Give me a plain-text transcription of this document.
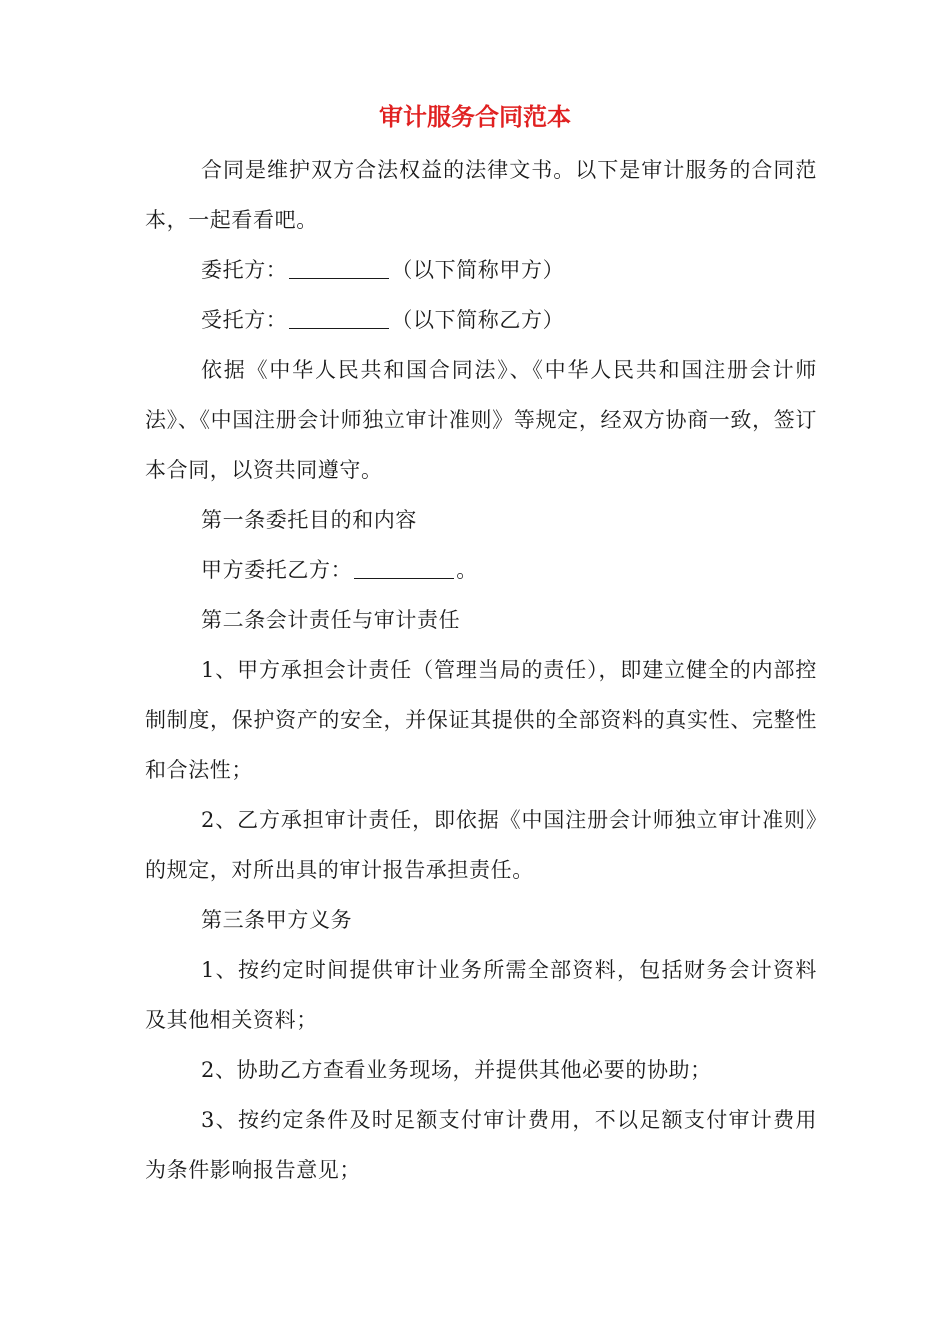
审计服务合同范本
合同是维护双方合法权益的法律文书。以下是审计服务的合同范本，一起看看吧。
委托方：	（以下简称甲方）
受托方：	（以下简称乙方）
依据《中华人民共和国合同法》、《中华人民共和国注册会计师法》、《中国注册会计师独立审计准则》等规定，经双方协商一致，签订本合同，以资共同遵守。
第一条委托目的和内容
甲方委托乙方：	。
第二条会计责任与审计责任
1、甲方承担会计责任（管理当局的责任），即建立健全的内部控制制度，保护资产的安全，并保证其提供的全部资料的真实性、完整性和合法性；
2、乙方承担审计责任，即依据《中国注册会计师独立审计准则》的规定，对所出具的审计报告承担责任。
第三条甲方义务
1、按约定时间提供审计业务所需全部资料，包括财务会计资料及其他相关资料；
2、协助乙方查看业务现场，并提供其他必要的协助；
3、按约定条件及时足额支付审计费用，不以足额支付审计费用为条件影响报告意见；
